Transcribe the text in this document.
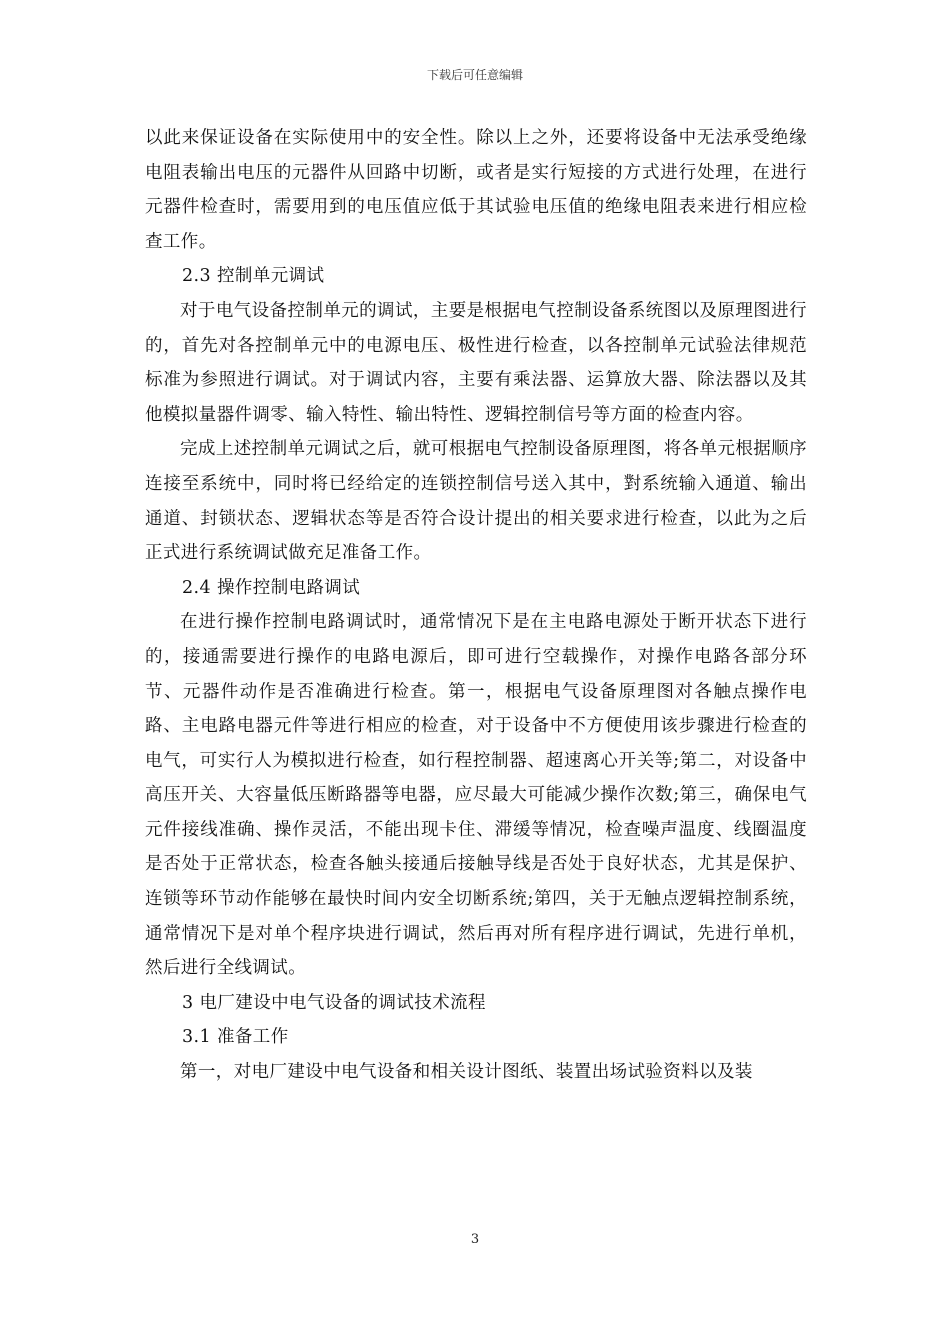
下载后可任意编辑

以此来保证设备在实际使用中的安全性。除以上之外，还要将设备中无法承受绝缘电阻表输出电压的元器件从回路中切断，或者是实行短接的方式进行处理，在进行元器件检查时，需要用到的电压值应低于其试验电压值的绝缘电阻表来进行相应检查工作。

2.3 控制单元调试

对于电气设备控制单元的调试，主要是根据电气控制设备系统图以及原理图进行的，首先对各控制单元中的电源电压、极性进行检查，以各控制单元试验法律规范标准为参照进行调试。对于调试内容，主要有乘法器、运算放大器、除法器以及其他模拟量器件调零、输入特性、输出特性、逻辑控制信号等方面的检查内容。

完成上述控制单元调试之后，就可根据电气控制设备原理图，将各单元根据顺序连接至系统中，同时将已经给定的连锁控制信号送入其中，對系统输入通道、输出通道、封锁状态、逻辑状态等是否符合设计提出的相关要求进行检查，以此为之后正式进行系统调试做充足准备工作。

2.4 操作控制电路调试

在进行操作控制电路调试时，通常情况下是在主电路电源处于断开状态下进行的，接通需要进行操作的电路电源后，即可进行空载操作，对操作电路各部分环节、元器件动作是否准确进行检查。第一，根据电气设备原理图对各触点操作电路、主电路电器元件等进行相应的检查，对于设备中不方便使用该步骤进行检查的电气，可实行人为模拟进行检查，如行程控制器、超速离心开关等;第二，对设备中高压开关、大容量低压断路器等电器，应尽最大可能减少操作次数;第三，确保电气元件接线准确、操作灵活，不能出现卡住、滞缓等情况，检查噪声温度、线圈温度是否处于正常状态，检查各触头接通后接触导线是否处于良好状态，尤其是保护、连锁等环节动作能够在最快时间内安全切断系统;第四，关于无触点逻辑控制系统，通常情况下是对单个程序块进行调试，然后再对所有程序进行调试，先进行单机，然后进行全线调试。

3 电厂建设中电气设备的调试技术流程

3.1 准备工作

第一，对电厂建设中电气设备和相关设计图纸、装置出场试验资料以及装

3
